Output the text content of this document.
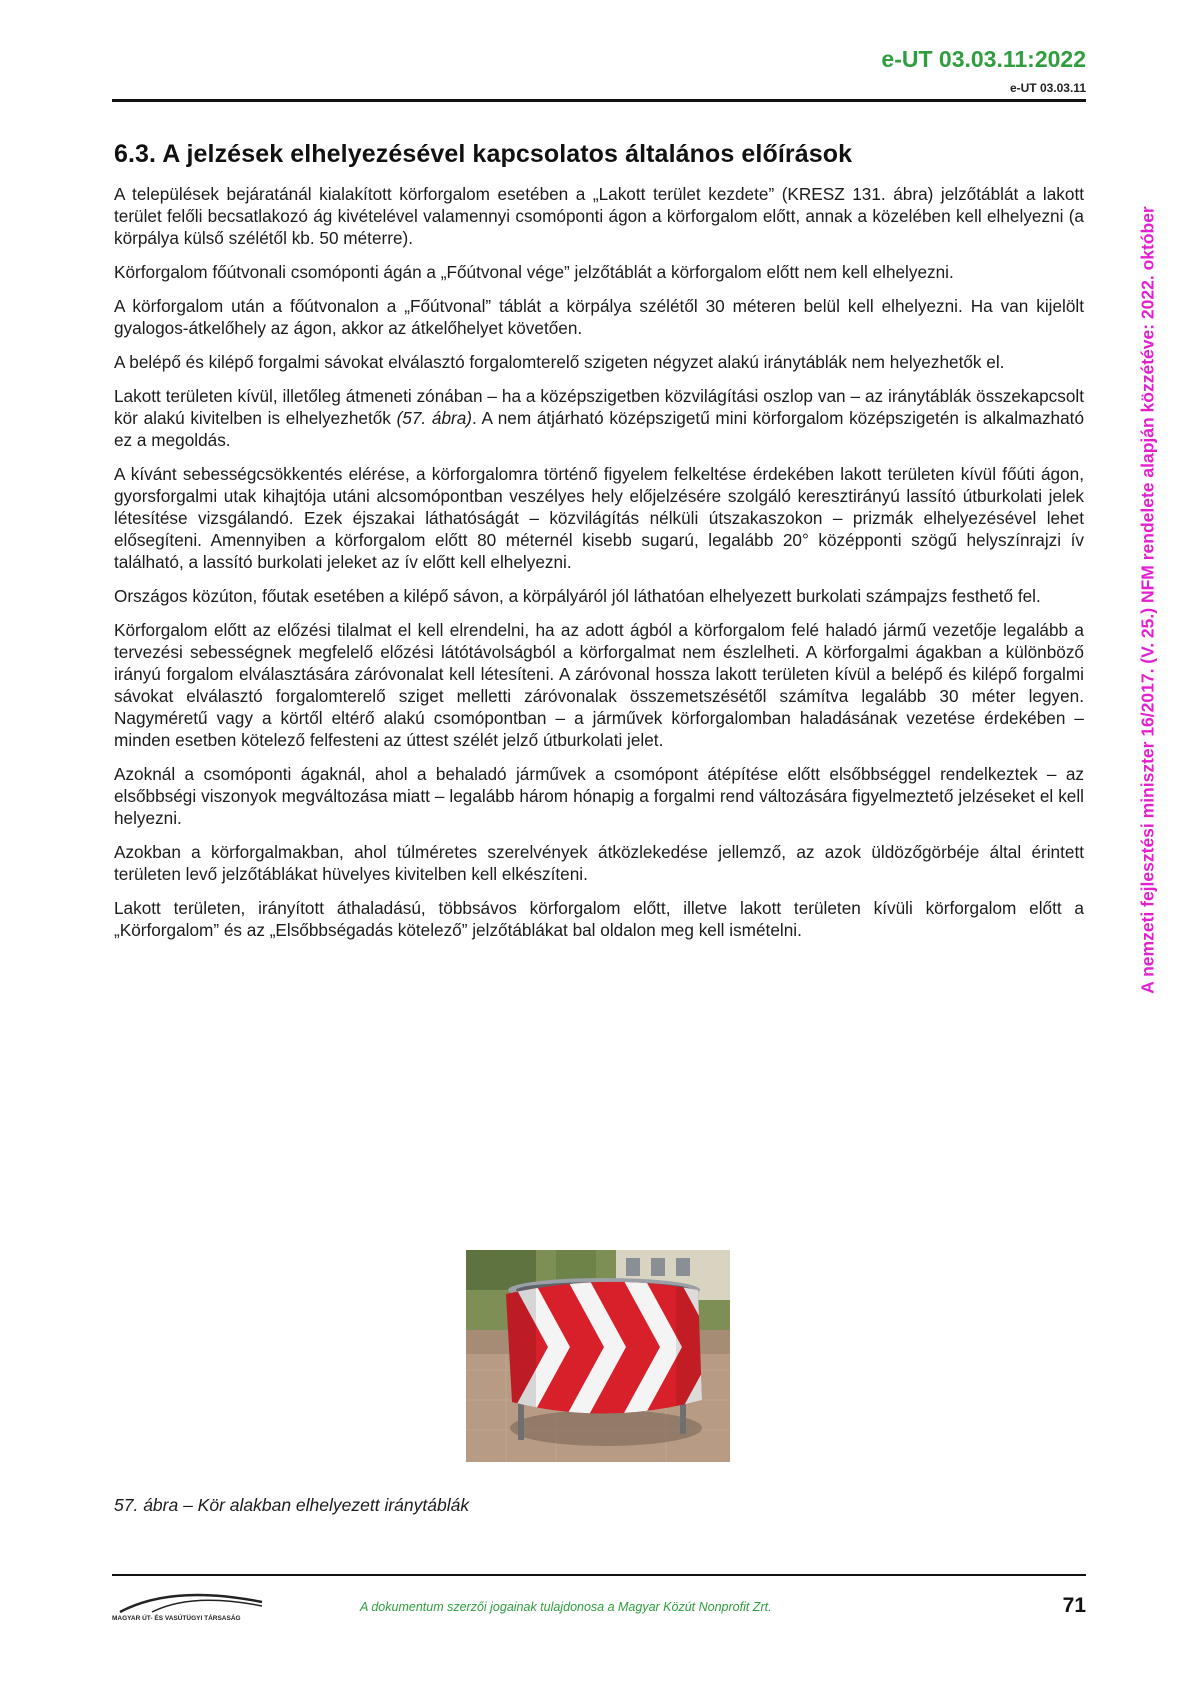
e-UT 03.03.11:2022
e-UT 03.03.11
A nemzeti fejlesztési miniszter 16/2017. (V. 25.) NFM rendelete alapján közzétéve: 2022. október
6.3. A jelzések elhelyezésével kapcsolatos általános előírások

A települések bejáratánál kialakított körforgalom esetében a „Lakott terület kezdete” (KRESZ 131. ábra) jelzőtáblát a lakott terület felőli becsatlakozó ág kivételével valamennyi csomóponti ágon a körforgalom előtt, annak a közelében kell elhelyezni (a körpálya külső szélétől kb. 50 méterre).

Körforgalom főútvonali csomóponti ágán a „Főútvonal vége” jelzőtáblát a körforgalom előtt nem kell elhelyezni.

A körforgalom után a főútvonalon a „Főútvonal” táblát a körpálya szélétől 30 méteren belül kell elhelyezni. Ha van kijelölt gyalogos-átkelőhely az ágon, akkor az átkelőhelyet követően.

A belépő és kilépő forgalmi sávokat elválasztó forgalomterelő szigeten négyzet alakú iránytáblák nem helyezhetők el.

Lakott területen kívül, illetőleg átmeneti zónában – ha a középszigetben közvilágítási oszlop van – az iránytáblák összekapcsolt kör alakú kivitelben is elhelyezhetők (57. ábra). A nem átjárható középszigetű mini körforgalom középszigetén is alkalmazható ez a megoldás.

A kívánt sebességcsökkentés elérése, a körforgalomra történő figyelem felkeltése érdekében lakott területen kívül főúti ágon, gyorsforgalmi utak kihajtója utáni alcsomópontban veszélyes hely előjelzésére szolgáló keresztirányú lassító útburkolati jelek létesítése vizsgálandó. Ezek éjszakai láthatóságát – közvilágítás nélküli útszakaszokon – prizmák elhelyezésével lehet elősegíteni. Amennyiben a körforgalom előtt 80 méternél kisebb sugarú, legalább 20° középponti szögű helyszínrajzi ív található, a lassító burkolati jeleket az ív előtt kell elhelyezni.

Országos közúton, főutak esetében a kilépő sávon, a körpályáról jól láthatóan elhelyezett burkolati számpajzs festhető fel.

Körforgalom előtt az előzési tilalmat el kell elrendelni, ha az adott ágból a körforgalom felé haladó jármű vezetője legalább a tervezési sebességnek megfelelő előzési látótávolságból a körforgalmat nem észlelheti. A körforgalmi ágakban a különböző irányú forgalom elválasztására záróvonalat kell létesíteni. A záróvonal hossza lakott területen kívül a belépő és kilépő forgalmi sávokat elválasztó forgalomterelő sziget melletti záróvonalak összemetszésétől számítva legalább 30 méter legyen. Nagyméretű vagy a körtől eltérő alakú csomópontban – a járművek körforgalomban haladásának vezetése érdekében – minden esetben kötelező felfesteni az úttest szélét jelző útburkolati jelet.

Azoknál a csomóponti ágaknál, ahol a behaladó járművek a csomópont átépítése előtt elsőbbséggel rendelkeztek – az elsőbbségi viszonyok megváltozása miatt – legalább három hónapig a forgalmi rend változására figyelmeztető jelzéseket el kell helyezni.

Azokban a körforgalmakban, ahol túlméretes szerelvények átközlekedése jellemző, az azok üldözőgörbéje által érintett területen levő jelzőtáblákat hüvelyes kivitelben kell elkészíteni.

Lakott területen, irányított áthaladású, többsávos körforgalom előtt, illetve lakott területen kívüli körforgalom előtt a „Körforgalom” és az „Elsőbbségadás kötelező” jelzőtáblákat bal oldalon meg kell ismételni.

57. ábra – Kör alakban elhelyezett iránytáblák
MAGYAR ÚT- ÉS VASÚTÜGYI TÁRSASÁG
A dokumentum szerzői jogainak tulajdonosa a Magyar Közút Nonprofit Zrt.	71
